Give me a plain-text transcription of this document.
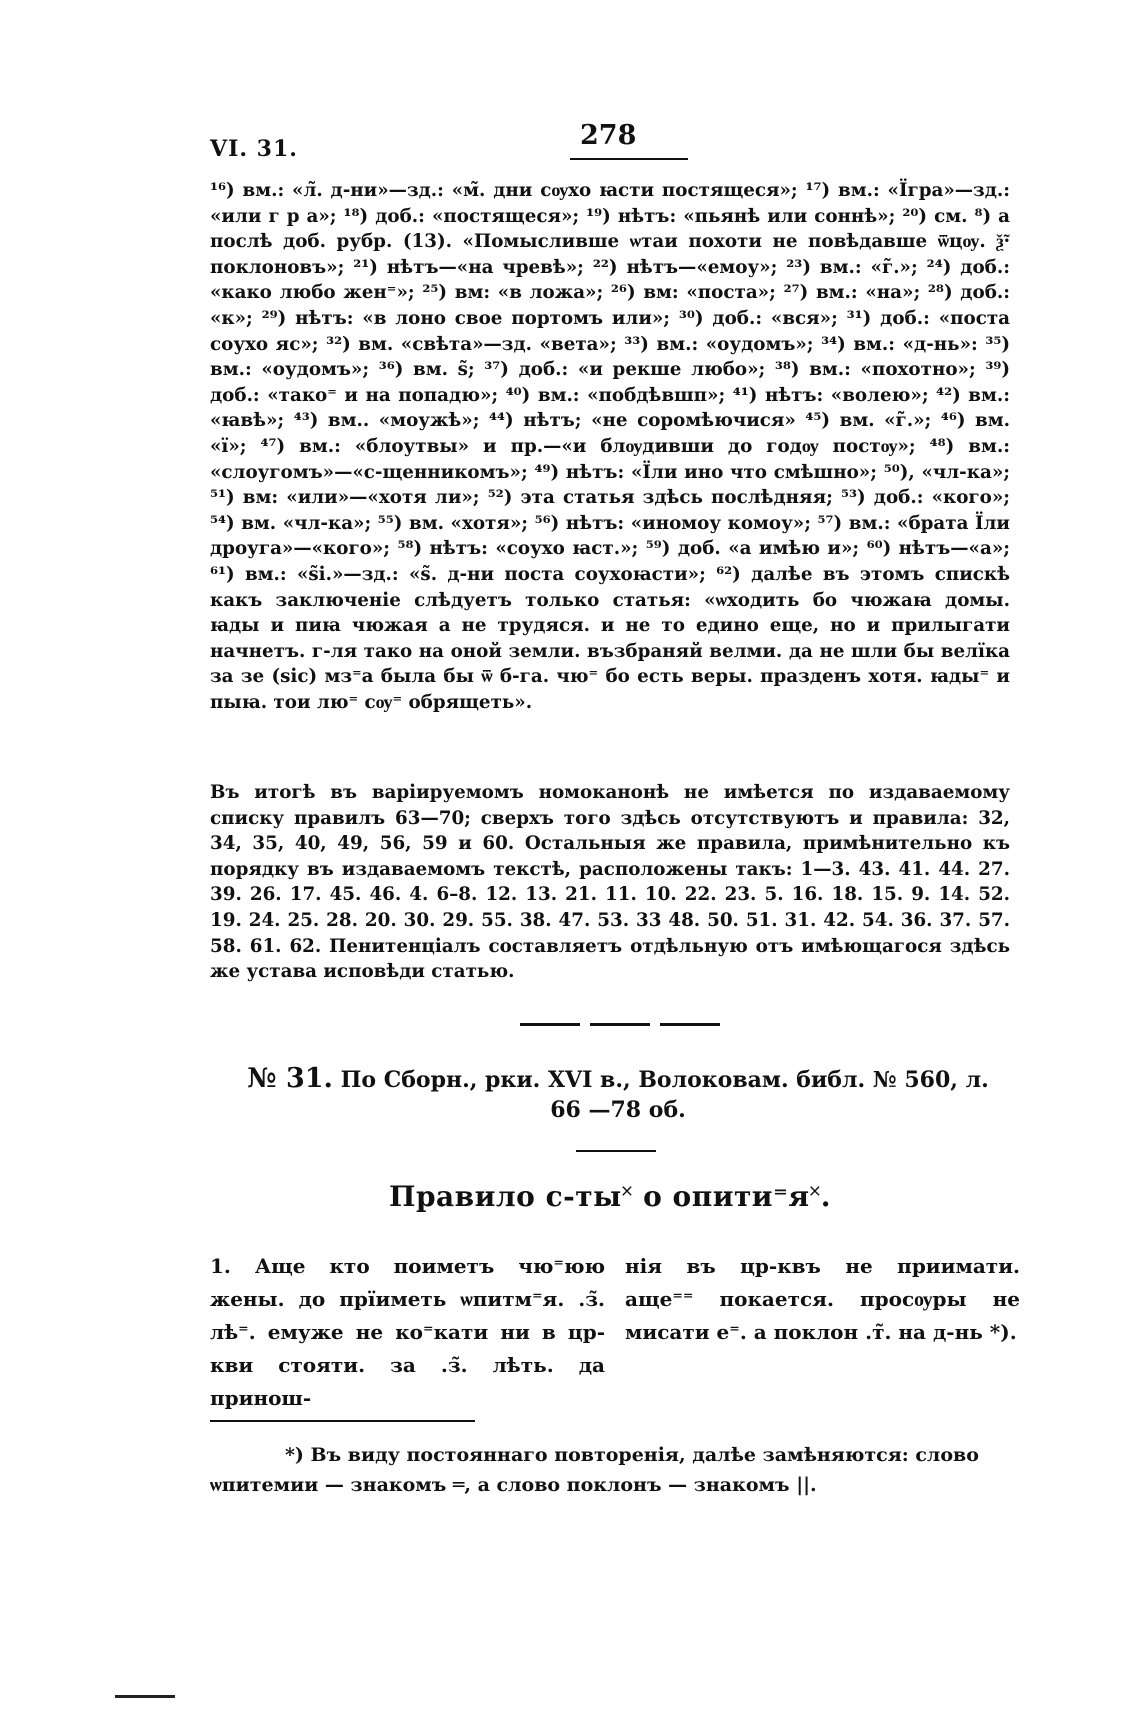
VI. 31.	278
¹⁶) вм.: «л̃. д-ни»—зд.: «м̃. дни сѹхо ꙗсти постящеся»; ¹⁷) вм.: «Їгра»—зд.: «или г р а»; ¹⁸) доб.: «постящеся»; ¹⁹) нѣтъ: «пьянѣ или соннѣ»; ²⁰) см. ⁸) а послѣ доб. рубр. (13). «Помысливше ѡтаи похоти не повѣдавше ѿцѹ. ѯ̃· поклоновъ»; ²¹) нѣтъ—«на чревѣ»; ²²) нѣтъ—«емоу»; ²³) вм.: «г̃.»; ²⁴) доб.: «како любо жен⁼»; ²⁵) вм: «в ложа»; ²⁶) вм: «поста»; ²⁷) вм.: «на»; ²⁸) доб.: «к»; ²⁹) нѣтъ: «в лоно свое портомъ или»; ³⁰) доб.: «вся»; ³¹) доб.: «поста соухо яс»; ³²) вм. «свѣта»—зд. «вета»; ³³) вм.: «оудомъ»; ³⁴) вм.: «д-нь»: ³⁵) вм.: «оудомъ»; ³⁶) вм. ѕ̃; ³⁷) доб.: «и рекше любо»; ³⁸) вм.: «похотно»; ³⁹) доб.: «тако⁼ и на попадю»; ⁴⁰) вм.: «побдѣвшп»; ⁴¹) нѣтъ: «волею»; ⁴²) вм.: «ꙗвѣ»; ⁴³) вм.. «моужѣ»; ⁴⁴) нѣтъ; «не соромѣючися» ⁴⁵) вм. «г̃.»; ⁴⁶) вм. «ї»; ⁴⁷) вм.: «блоутвы» и пр.—«и блѹдивши до годѹ постѹ»; ⁴⁸) вм.: «слоугомъ»—«с-щенникомъ»; ⁴⁹) нѣтъ: «Їли ино что смѣшно»; ⁵⁰), «чл-ка»; ⁵¹) вм: «или»—«хотя ли»; ⁵²) эта статья здѣсь послѣдняя; ⁵³) доб.: «кого»; ⁵⁴) вм. «чл-ка»; ⁵⁵) вм. «хотя»; ⁵⁶) нѣтъ: «иномоу комоу»; ⁵⁷) вм.: «брата Їли дроуга»—«кого»; ⁵⁸) нѣтъ: «соухо ꙗст.»; ⁵⁹) доб. «а имѣю и»; ⁶⁰) нѣтъ—«а»; ⁶¹) вм.: «ѕ̃і.»—зд.: «ѕ̃. д-ни поста соухоꙗсти»; ⁶²) далѣе въ этомъ спискѣ какъ заключеніе слѣдуетъ только статья: «ѡходить бо чюжаꙗ домы. ꙗды и пиꙗ чюжая а не трудяся. и не то едино еще, но и прилыгати начнетъ. г-ля тако на оной земли. възбраняй велми. да не шли бы велїка за зе (sic) мз⁼а была бы ѿ б-га. чю⁼ бо есть веры. празденъ хотя. ꙗды⁼ и пыꙗ. тои лю⁼ сѹ⁼ обрящеть».
Въ итогѣ въ варіируемомъ номоканонѣ не имѣется по издаваемому списку правилъ 63—70; сверхъ того здѣсь отсутствуютъ и правила: 32, 34, 35, 40, 49, 56, 59 и 60. Остальныя же правила, примѣнительно къ порядку въ издаваемомъ текстѣ, расположены такъ: 1—3. 43. 41. 44. 27. 39. 26. 17. 45. 46. 4. 6–8. 12. 13. 21. 11. 10. 22. 23. 5. 16. 18. 15. 9. 14. 52. 19. 24. 25. 28. 20. 30. 29. 55. 38. 47. 53. 33 48. 50. 51. 31. 42. 54. 36. 37. 57. 58. 61. 62. Пенитенціалъ составляетъ отдѣльную отъ имѣющагося здѣсь же устава исповѣди статью.
№ 31. По Сборн., рки. XVI в., Волоковам. библ. № 560, л. 66 —78 об.
Правило с-ты˟ о опити⁼я˟.
1. Аще кто поиметъ чю⁼юю жены. до прїиметь ѡпитм⁼я. .з̃. лѣ⁼. емуже не ко⁼кати ни в цр-кви стояти. за .з̃. лѣть. да принош-
нія въ цр-квъ не приимати. аще⁼⁼ покается. просѹры не мисати е⁼. а поклон .т̃. на д-нь *).
*) Въ виду постояннаго повторенія, далѣе замѣняются: слово ѡпитемии — знакомъ ═, а слово поклонъ — знакомъ ||.
